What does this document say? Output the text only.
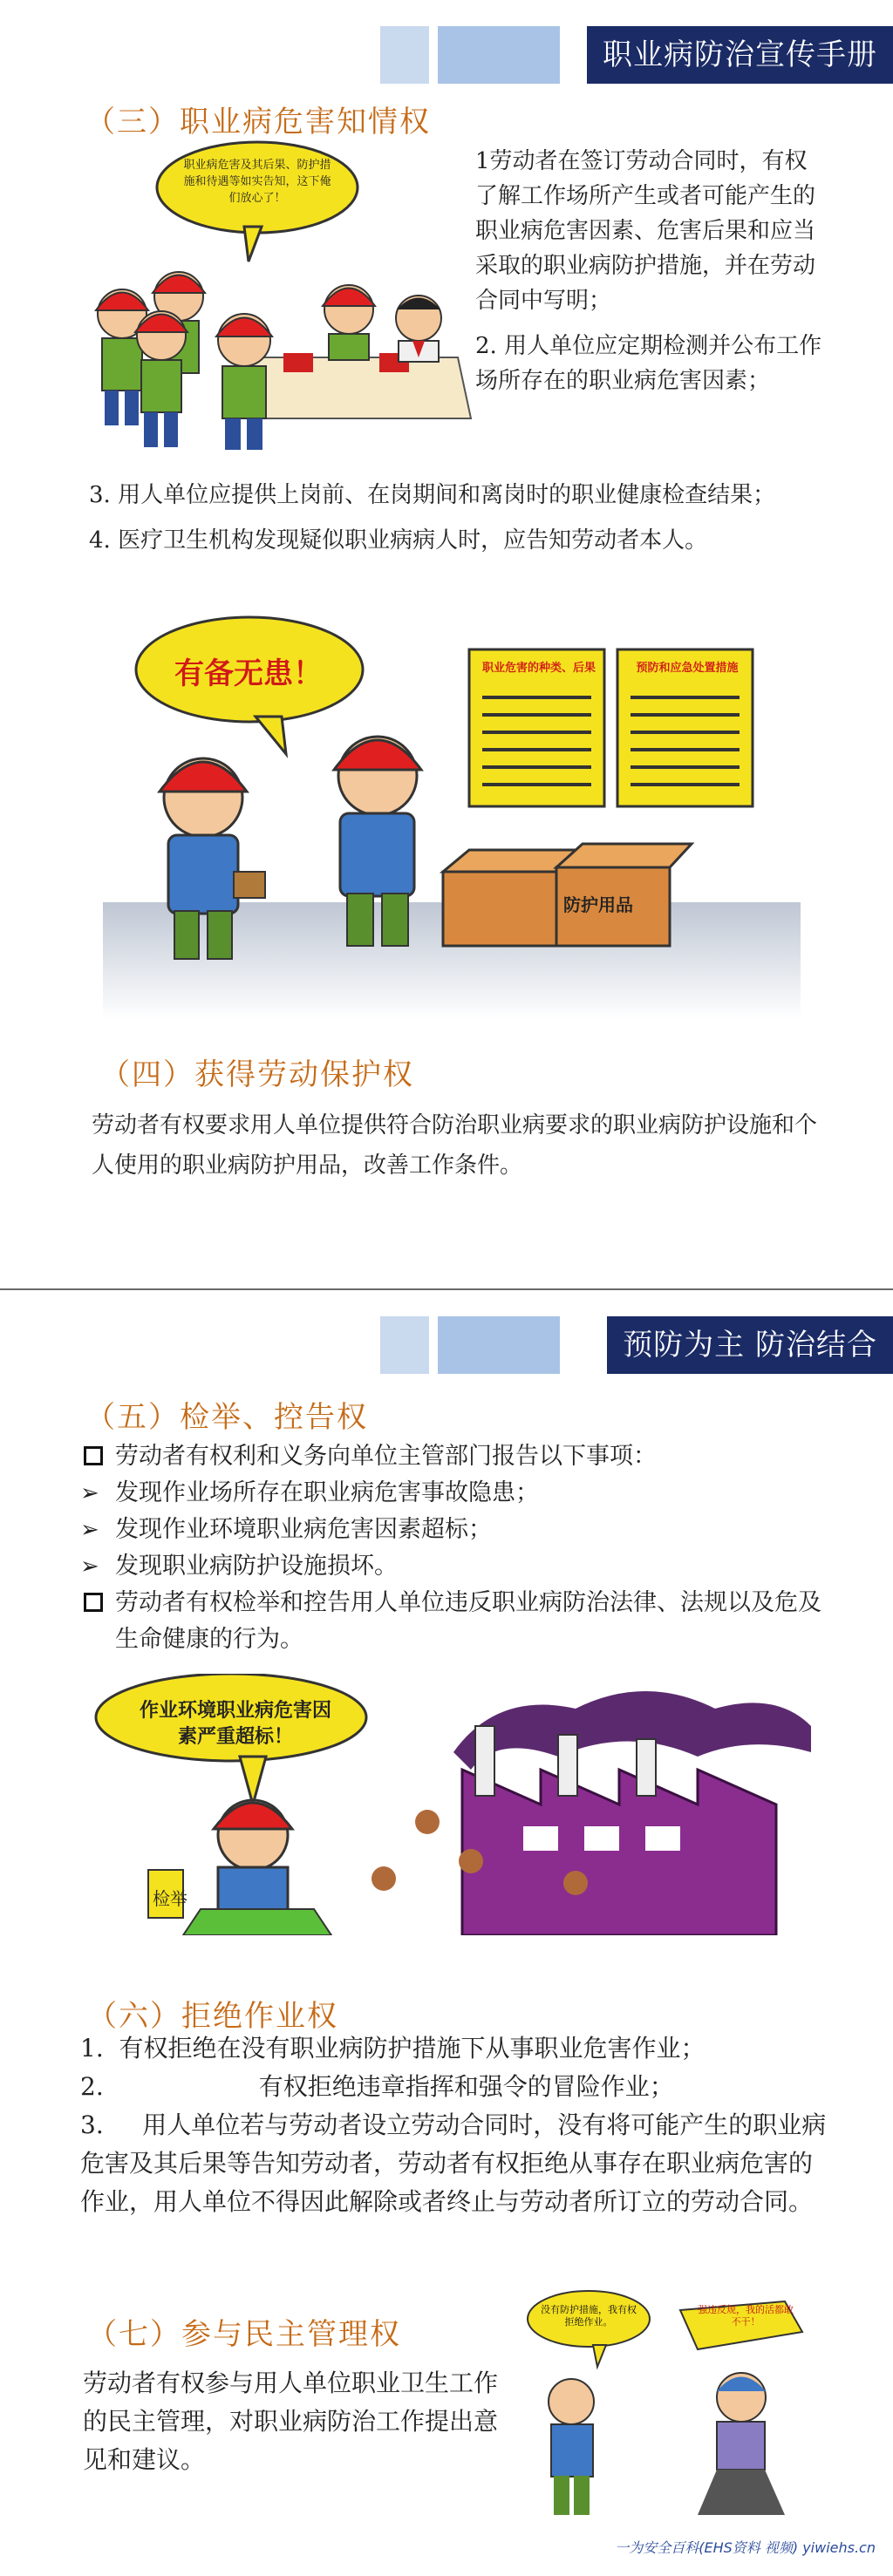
职业病防治宣传手册
（三）职业病危害知情权
职业病危害及其后果、防护措施和待遇等如实告知，这下俺们放心了！

1劳动者在签订劳动合同时，有权了解工作场所产生或者可能产生的职业病危害因素、危害后果和应当采取的职业病防护措施，并在劳动合同中写明；

2. 用人单位应定期检测并公布工作场所存在的职业病危害因素；

3. 用人单位应提供上岗前、在岗期间和离岗时的职业健康检查结果；

4. 医疗卫生机构发现疑似职业病病人时，应告知劳动者本人。

有备无患！	职业危害的种类、后果	预防和应急处置措施
防护用品
（四）获得劳动保护权
劳动者有权要求用人单位提供符合防治职业病要求的职业病防护设施和个人使用的职业病防护用品，改善工作条件。
预防为主 防治结合
（五）检举、控告权
劳动者有权利和义务向单位主管部门报告以下事项：
➢ 发现作业场所存在职业病危害事故隐患；
➢ 发现作业环境职业病危害因素超标；
➢ 发现职业病防护设施损坏。
劳动者有权检举和控告用人单位违反职业病防治法律、法规以及危及生命健康的行为。
作业环境职业病危害因素严重超标！
检举
（六）拒绝作业权
1.  有权拒绝在没有职业病防护措施下从事职业危害作业；
2.                    有权拒绝违章指挥和强令的冒险作业；
3.     用人单位若与劳动者设立劳动合同时，没有将可能产生的职业病危害及其后果等告知劳动者，劳动者有权拒绝从事存在职业病危害的作业，用人单位不得因此解除或者终止与劳动者所订立的劳动合同。
（七）参与民主管理权
劳动者有权参与用人单位职业卫生工作的民主管理，对职业病防治工作提出意见和建议。
没有防护措施，我有权拒绝作业。
强违反规，我的活都敢不干！
一为安全百科(EHS资料 视频) yiwiehs.cn
